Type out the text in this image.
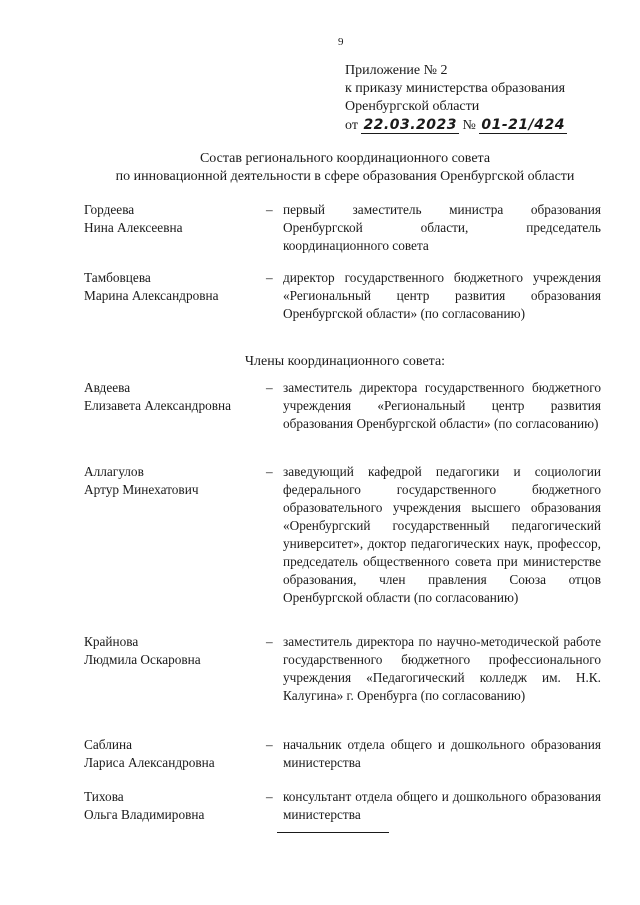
9
Приложение № 2
к приказу министерства образования
Оренбургской области
от 22.03.2023 № 01-21/424
Состав регионального координационного совета
по инновационной деятельности в сфере образования Оренбургской области
Гордеева
Нина Алексеевна
– первый заместитель министра образования Оренбургской области, председатель координационного совета
Тамбовцева
Марина Александровна
– директор государственного бюджетного учреждения «Региональный центр развития образования Оренбургской области» (по согласованию)
Члены координационного совета:
Авдеева
Елизавета Александровна
– заместитель директора государственного бюджетного учреждения «Региональный центр развития образования Оренбургской области» (по согласованию)
Аллагулов
Артур Минехатович
– заведующий кафедрой педагогики и социологии федерального государственного бюджетного образовательного учреждения высшего образования «Оренбургский государственный педагогический университет», доктор педагогических наук, профессор, председатель общественного совета при министерстве образования, член правления Союза отцов Оренбургской области (по согласованию)
Крайнова
Людмила Оскаровна
– заместитель директора по научно-методической работе государственного бюджетного профессионального учреждения «Педагогический колледж им. Н.К. Калугина» г. Оренбурга (по согласованию)
Саблина
Лариса Александровна
– начальник отдела общего и дошкольного образования министерства
Тихова
Ольга Владимировна
– консультант отдела общего и дошкольного образования министерства
